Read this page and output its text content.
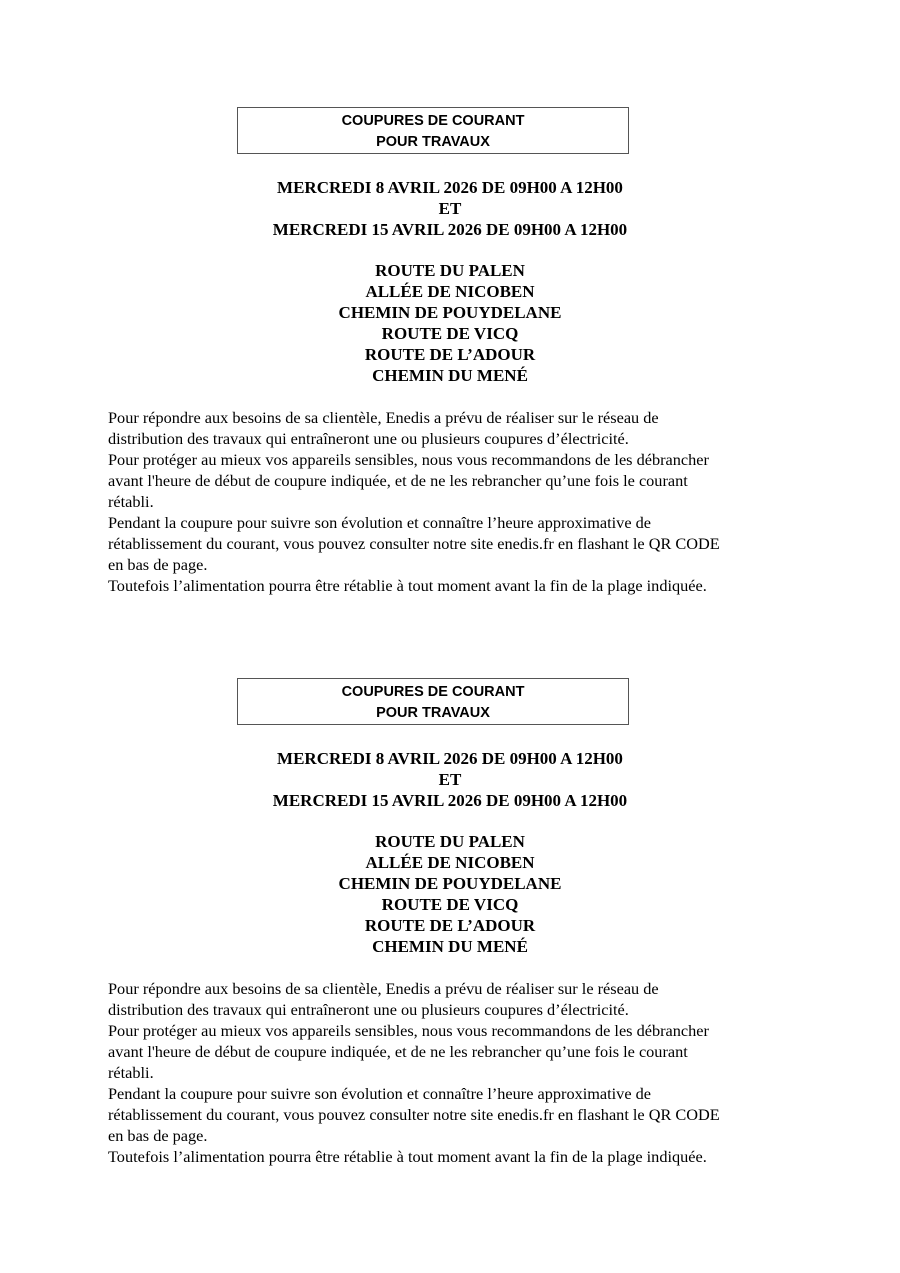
COUPURES DE COURANT
POUR TRAVAUX
MERCREDI 8 AVRIL 2026 DE 09H00 A 12H00
ET
MERCREDI 15 AVRIL 2026 DE 09H00 A 12H00
ROUTE DU PALEN
ALLÉE DE NICOBEN
CHEMIN DE POUYDELANE
ROUTE DE VICQ
ROUTE DE L’ADOUR
CHEMIN DU MENÉ
Pour répondre aux besoins de sa clientèle, Enedis a prévu de réaliser sur le réseau de
distribution des travaux qui entraîneront une ou plusieurs coupures d’électricité.
Pour protéger au mieux vos appareils sensibles, nous vous recommandons de les débrancher
avant l'heure de début de coupure indiquée, et de ne les rebrancher qu’une fois le courant
rétabli.
Pendant la coupure pour suivre son évolution et connaître l’heure approximative de
rétablissement du courant, vous pouvez consulter notre site enedis.fr en flashant le QR CODE
en bas de page.
Toutefois l’alimentation pourra être rétablie à tout moment avant la fin de la plage indiquée.
COUPURES DE COURANT
POUR TRAVAUX
MERCREDI 8 AVRIL 2026 DE 09H00 A 12H00
ET
MERCREDI 15 AVRIL 2026 DE 09H00 A 12H00
ROUTE DU PALEN
ALLÉE DE NICOBEN
CHEMIN DE POUYDELANE
ROUTE DE VICQ
ROUTE DE L’ADOUR
CHEMIN DU MENÉ
Pour répondre aux besoins de sa clientèle, Enedis a prévu de réaliser sur le réseau de
distribution des travaux qui entraîneront une ou plusieurs coupures d’électricité.
Pour protéger au mieux vos appareils sensibles, nous vous recommandons de les débrancher
avant l'heure de début de coupure indiquée, et de ne les rebrancher qu’une fois le courant
rétabli.
Pendant la coupure pour suivre son évolution et connaître l’heure approximative de
rétablissement du courant, vous pouvez consulter notre site enedis.fr en flashant le QR CODE
en bas de page.
Toutefois l’alimentation pourra être rétablie à tout moment avant la fin de la plage indiquée.
